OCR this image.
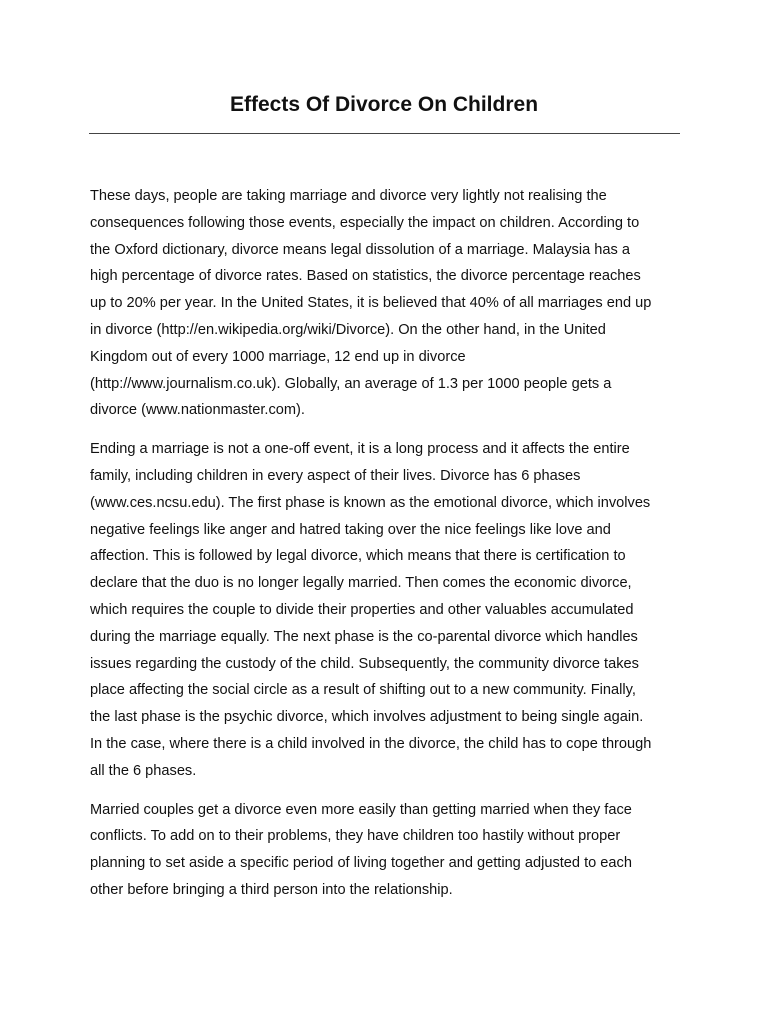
Effects Of Divorce On Children

These days, people are taking marriage and divorce very lightly not realising the
consequences following those events, especially the impact on children. According to
the Oxford dictionary, divorce means legal dissolution of a marriage. Malaysia has a
high percentage of divorce rates. Based on statistics, the divorce percentage reaches
up to 20% per year. In the United States, it is believed that 40% of all marriages end up
in divorce (http://en.wikipedia.org/wiki/Divorce). On the other hand, in the United
Kingdom out of every 1000 marriage, 12 end up in divorce
(http://www.journalism.co.uk). Globally, an average of 1.3 per 1000 people gets a
divorce (www.nationmaster.com).

Ending a marriage is not a one-off event, it is a long process and it affects the entire
family, including children in every aspect of their lives. Divorce has 6 phases
(www.ces.ncsu.edu). The first phase is known as the emotional divorce, which involves
negative feelings like anger and hatred taking over the nice feelings like love and
affection. This is followed by legal divorce, which means that there is certification to
declare that the duo is no longer legally married. Then comes the economic divorce,
which requires the couple to divide their properties and other valuables accumulated
during the marriage equally. The next phase is the co-parental divorce which handles
issues regarding the custody of the child. Subsequently, the community divorce takes
place affecting the social circle as a result of shifting out to a new community. Finally,
the last phase is the psychic divorce, which involves adjustment to being single again.
In the case, where there is a child involved in the divorce, the child has to cope through
all the 6 phases.

Married couples get a divorce even more easily than getting married when they face
conflicts. To add on to their problems, they have children too hastily without proper
planning to set aside a specific period of living together and getting adjusted to each
other before bringing a third person into the relationship.
